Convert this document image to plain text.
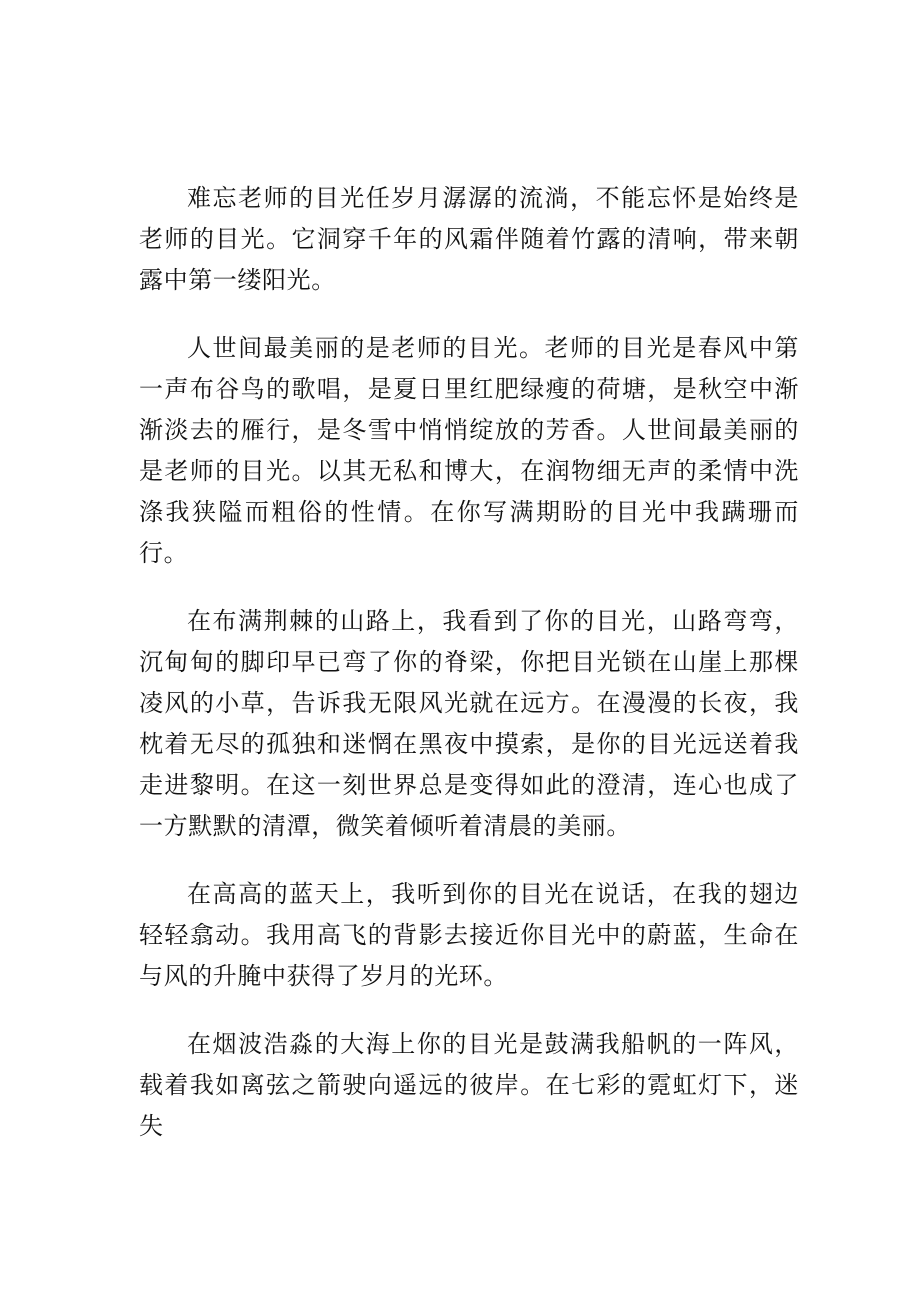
难忘老师的目光任岁月潺潺的流淌，不能忘怀是始终是老师的目光。它洞穿千年的风霜伴随着竹露的清响，带来朝露中第一缕阳光。

人世间最美丽的是老师的目光。老师的目光是春风中第一声布谷鸟的歌唱，是夏日里红肥绿瘦的荷塘，是秋空中渐渐淡去的雁行，是冬雪中悄悄绽放的芳香。人世间最美丽的是老师的目光。以其无私和博大，在润物细无声的柔情中洗涤我狭隘而粗俗的性情。在你写满期盼的目光中我蹒珊而行。

在布满荆棘的山路上，我看到了你的目光，山路弯弯，沉甸甸的脚印早已弯了你的脊梁，你把目光锁在山崖上那棵凌风的小草，告诉我无限风光就在远方。在漫漫的长夜，我枕着无尽的孤独和迷惘在黑夜中摸索，是你的目光远送着我走进黎明。在这一刻世界总是变得如此的澄清，连心也成了一方默默的清潭，微笑着倾听着清晨的美丽。

在高高的蓝天上，我听到你的目光在说话，在我的翅边轻轻翕动。我用高飞的背影去接近你目光中的蔚蓝，生命在与风的升腌中获得了岁月的光环。

在烟波浩淼的大海上你的目光是鼓满我船帆的一阵风，载着我如离弦之箭驶向遥远的彼岸。在七彩的霓虹灯下，迷失
